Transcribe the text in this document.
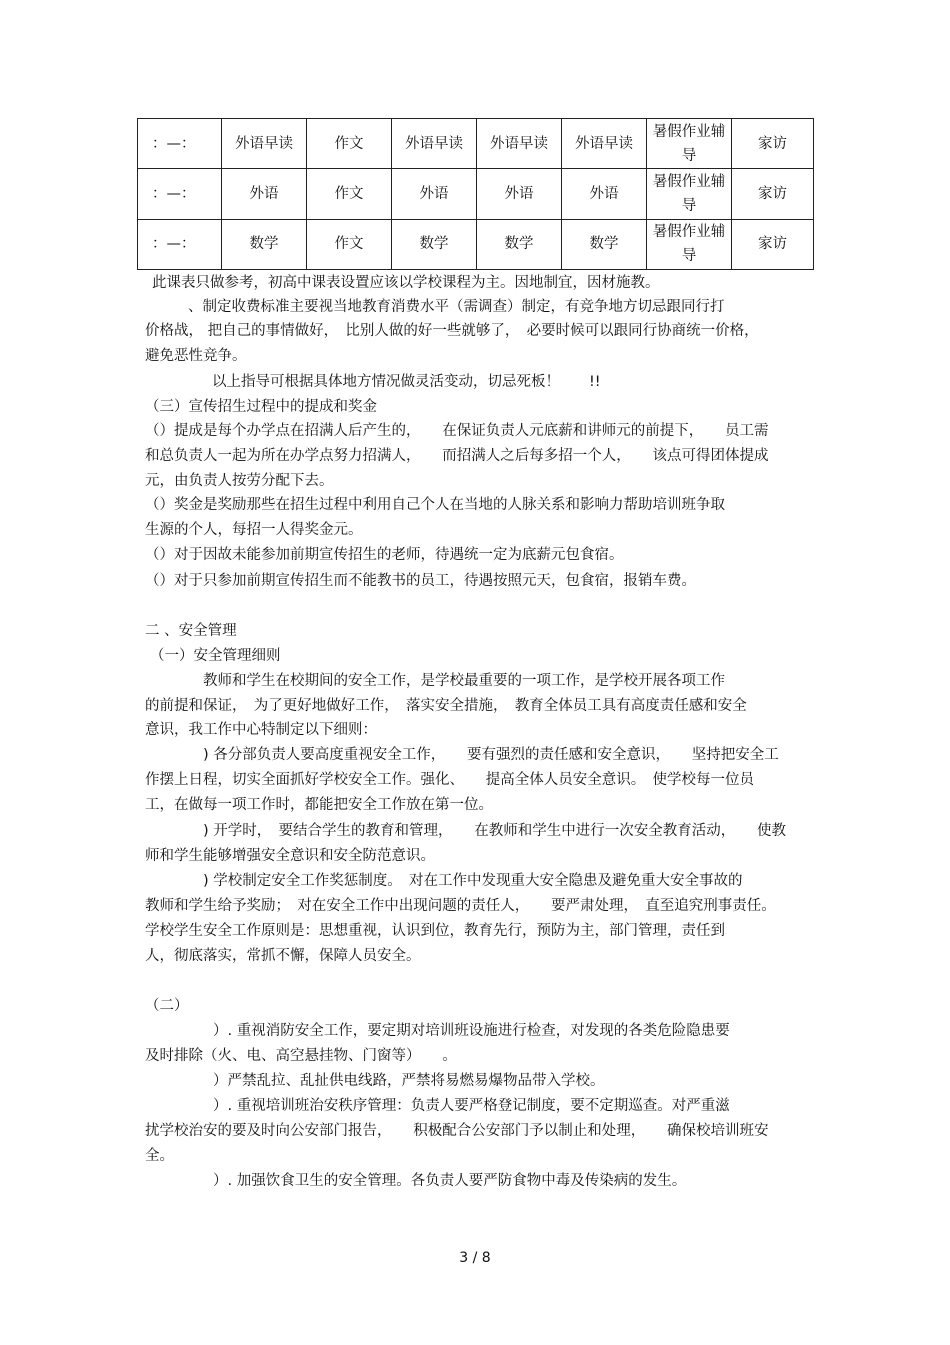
：—：	外语早读	作文	外语早读	外语早读	外语早读	暑假作业辅导	家访
：—：	外语	作文	外语	外语	外语	暑假作业辅导	家访
：—：	数学	作文	数学	数学	数学	暑假作业辅导	家访
此课表只做参考，初高中课表设置应该以学校课程为主。因地制宜，因材施教。
、制定收费标准主要视当地教育消费水平（需调查）制定，有竞争地方切忌跟同行打
价格战， 把自己的事情做好，　比别人做的好一些就够了，　必要时候可以跟同行协商统一价格，
避免恶性竞争。
以上指导可根据具体地方情况做灵活变动，切忌死板！　　!!
（三）宣传招生过程中的提成和奖金
（）提成是每个办学点在招满人后产生的，　　在保证负责人元底薪和讲师元的前提下，　　员工需
和总负责人一起为所在办学点努力招满人，　　而招满人之后每多招一个人，　　该点可得团体提成
元，由负责人按劳分配下去。
（）奖金是奖励那些在招生过程中利用自己个人在当地的人脉关系和影响力帮助培训班争取
生源的个人，每招一人得奖金元。
（）对于因故未能参加前期宣传招生的老师，待遇统一定为底薪元包食宿。
（）对于只参加前期宣传招生而不能教书的员工，待遇按照元天，包食宿，报销车费。
二 、安全管理
（一）安全管理细则
教师和学生在校期间的安全工作，是学校最重要的一项工作，是学校开展各项工作
的前提和保证，　为了更好地做好工作，　落实安全措施，　教育全体员工具有高度责任感和安全
意识，我工作中心特制定以下细则：
) 各分部负责人要高度重视安全工作，　　要有强烈的责任感和安全意识，　　坚持把安全工
作摆上日程，切实全面抓好学校安全工作。强化、　　提高全体人员安全意识。　使学校每一位员
工，在做每一项工作时，都能把安全工作放在第一位。
) 开学时，　要结合学生的教育和管理，　　在教师和学生中进行一次安全教育活动，　　使教
师和学生能够增强安全意识和安全防范意识。
) 学校制定安全工作奖惩制度。　对在工作中发现重大安全隐患及避免重大安全事故的
教师和学生给予奖励；　对在安全工作中出现问题的责任人，　　要严肃处理，　直至追究刑事责任。
学校学生安全工作原则是：思想重视，认识到位，教育先行，预防为主，部门管理，责任到
人，彻底落实，常抓不懈，保障人员安全。
（二）
）. 重视消防安全工作，要定期对培训班设施进行检查，对发现的各类危险隐患要
及时排除（火、电、高空悬挂物、门窗等）　　。
）严禁乱拉、乱扯供电线路，严禁将易燃易爆物品带入学校。
）. 重视培训班治安秩序管理：负责人要严格登记制度，要不定期巡查。对严重滋
扰学校治安的要及时向公安部门报告，　　积极配合公安部门予以制止和处理，　　确保校培训班安
全。
）. 加强饮食卫生的安全管理。各负责人要严防食物中毒及传染病的发生。
3 / 8
